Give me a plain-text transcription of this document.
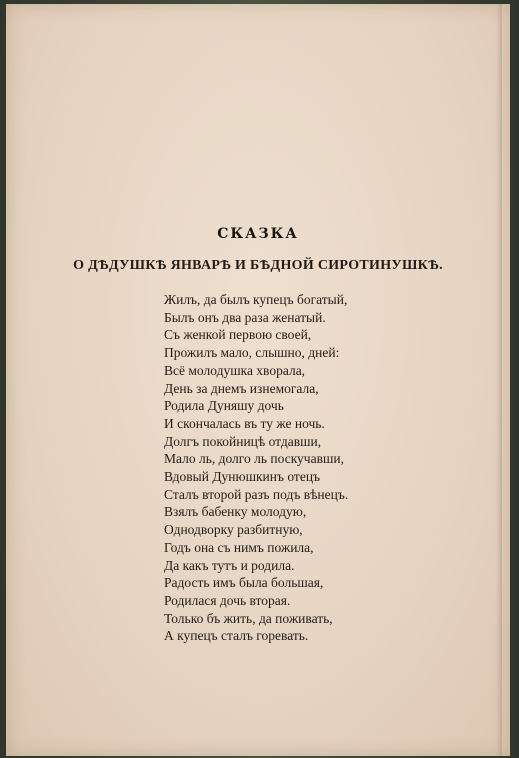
СКАЗКА
О ДѢДУШКѢ ЯНВАРѢ И БѢДНОЙ СИРОТИНУШКѢ.
Жилъ, да былъ купецъ богатый,
Былъ онъ два раза женатый.
Съ женкой первою своей,
Прожилъ мало, слышно, дней:
Всё молодушка хворала,
День за днемъ изнемогала,
Родила Дуняшу дочь
И скончалась въ ту же ночь.
Долгъ покойницѣ отдавши,
Мало ль, долго ль поскучавши,
Вдовый Дунюшкинъ отецъ
Сталъ второй разъ подъ вѣнецъ.
Взялъ бабенку молодую,
Однодворку разбитную,
Годъ она съ нимъ пожила,
Да какъ тутъ и родила.
Радость имъ была большая,
Родилася дочь вторая.
Только бъ жить, да поживать,
А купецъ сталъ горевать.
